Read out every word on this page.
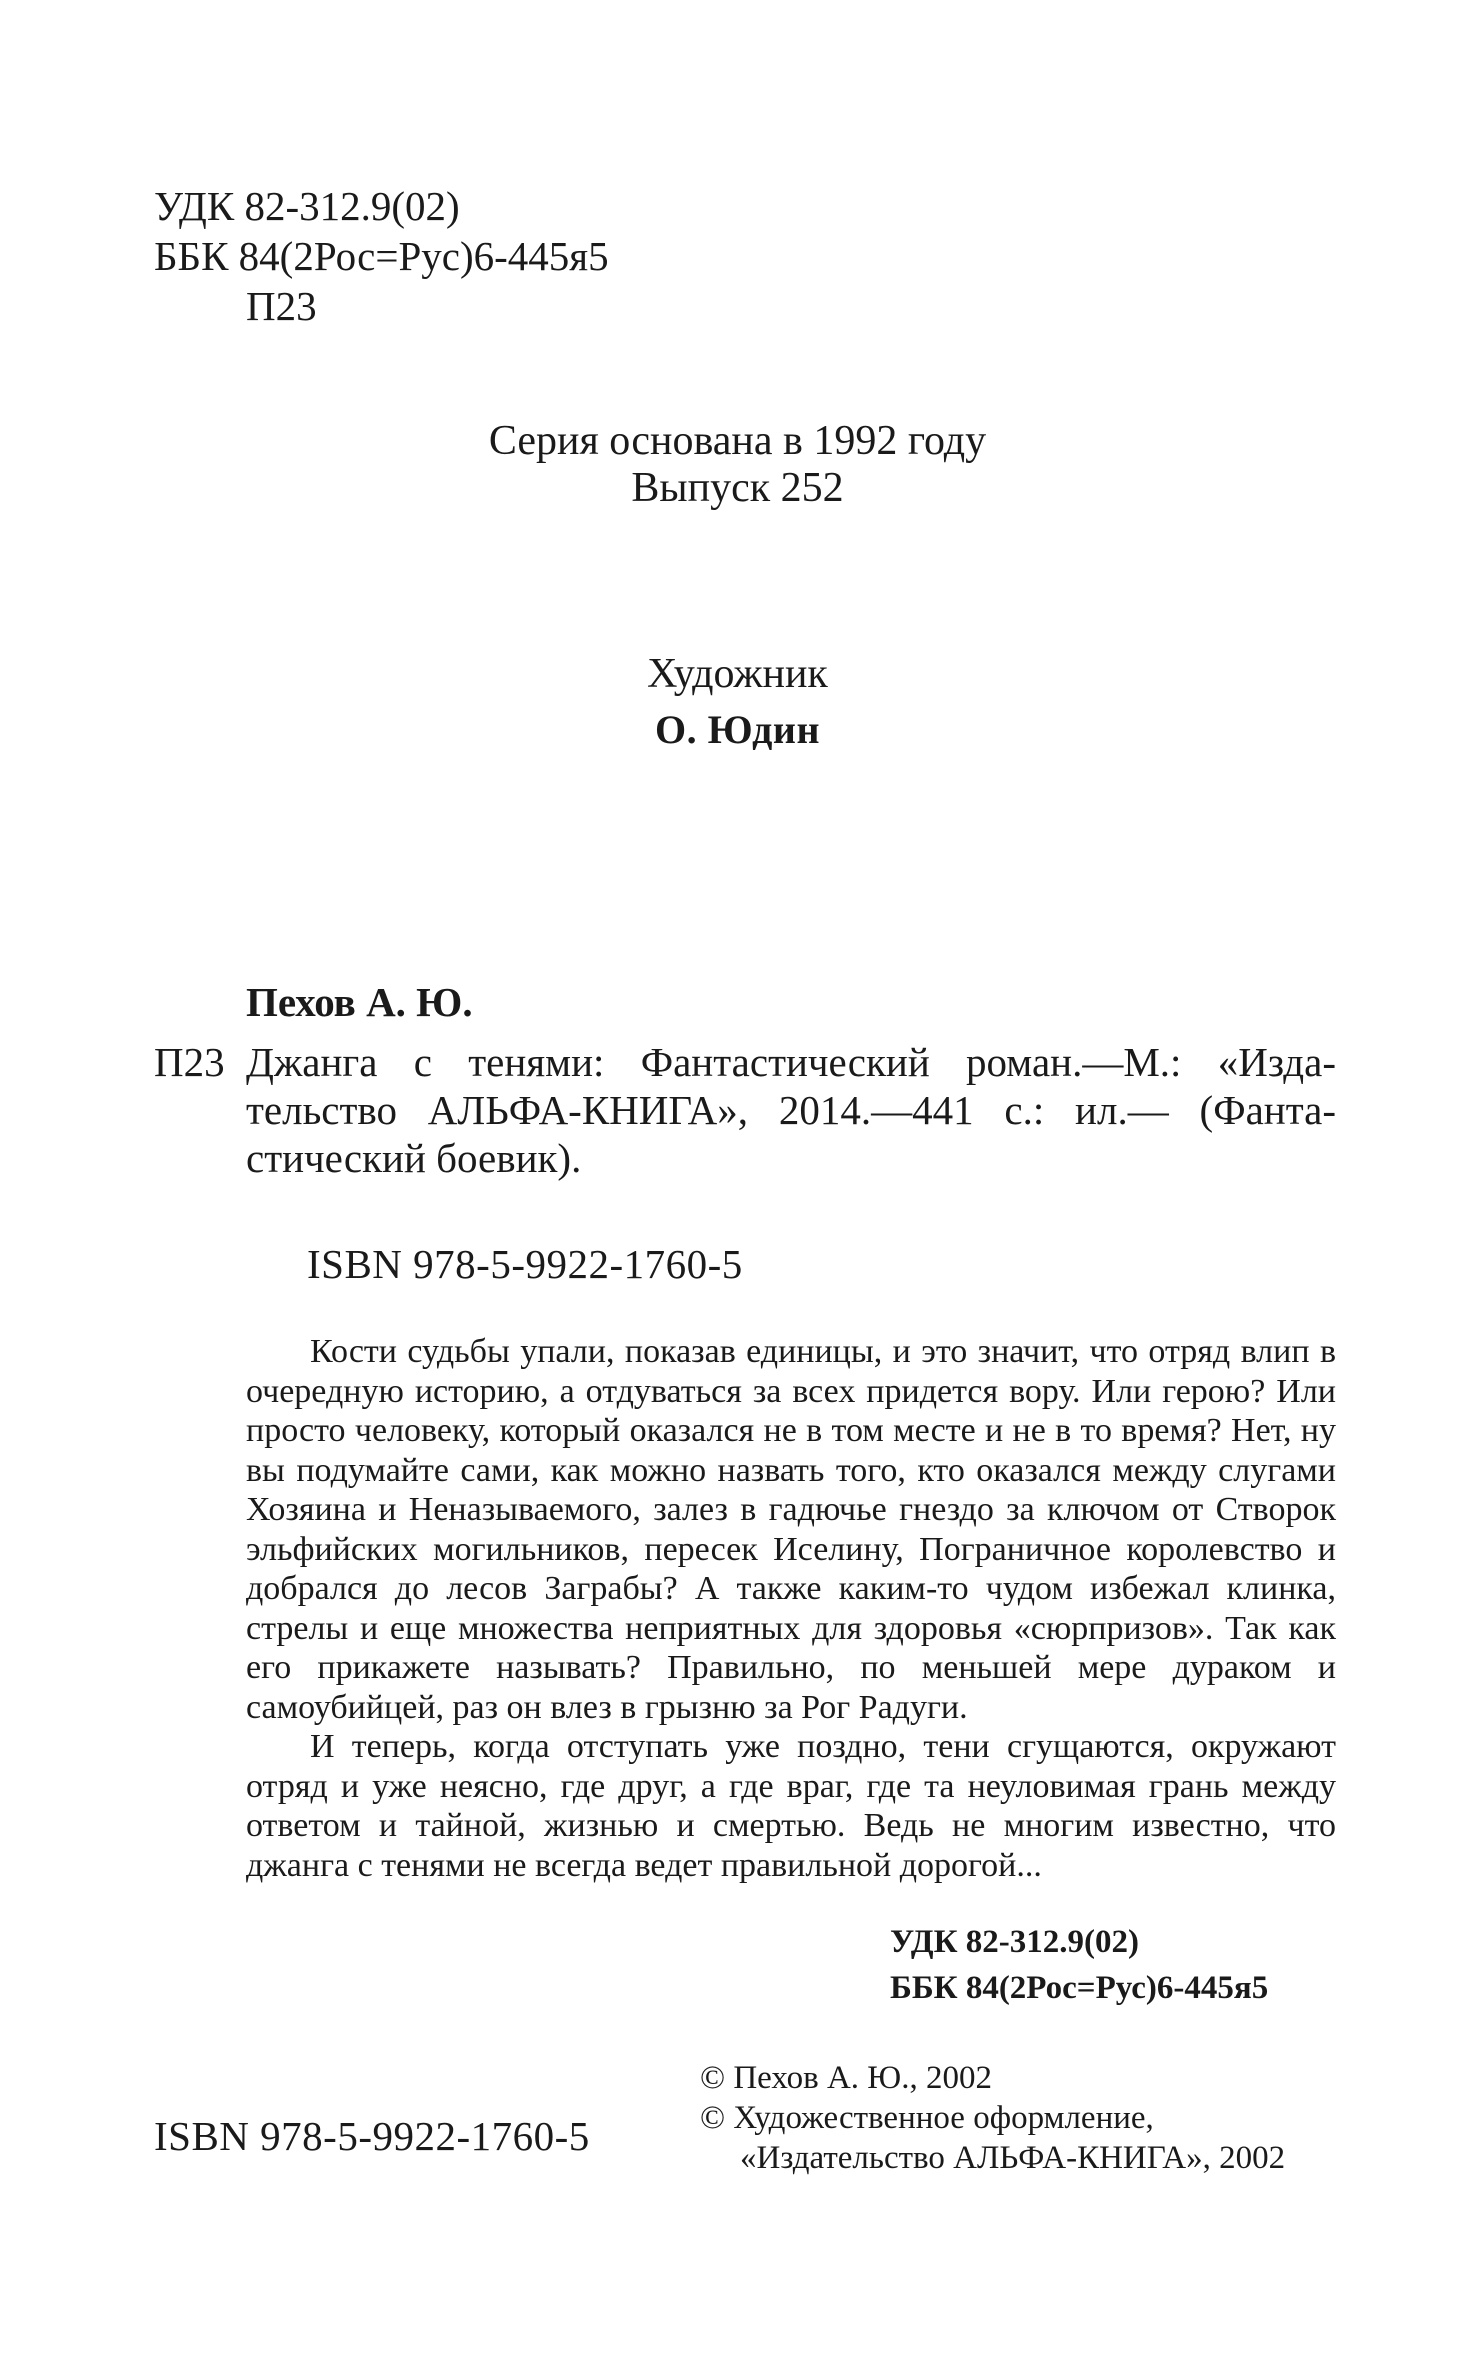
УДК 82-312.9(02)
ББК 84(2Рос=Рус)6-445я5
П23
Серия основана в 1992 году
Выпуск 252
Художник
О. Юдин
Пехов А. Ю.
П23 Джанга с тенями: Фантастический роман.—М.: «Издательство АЛЬФА-КНИГА», 2014.—441 с.: ил.— (Фантастический боевик).
ISBN 978-5-9922-1760-5

Кости судьбы упали, показав единицы, и это значит, что отряд влип в очередную историю, а отдуваться за всех придется вору. Или герою? Или просто человеку, который оказался не в том месте и не в то время? Нет, ну вы подумайте сами, как можно назвать того, кто оказался между слугами Хозяина и Неназываемого, залез в гадючье гнездо за ключом от Створок эльфийских могильников, пересек Иселину, Пограничное королевство и добрался до лесов Заграбы? А также каким-то чудом избежал клинка, стрелы и еще множества неприятных для здоровья «сюрпризов». Так как его прикажете называть? Правильно, по меньшей мере дураком и самоубийцей, раз он влез в грызню за Рог Радуги.

И теперь, когда отступать уже поздно, тени сгущаются, окружают отряд и уже неясно, где друг, а где враг, где та неуловимая грань между ответом и тайной, жизнью и смертью. Ведь не многим известно, что джанга с тенями не всегда ведет правильной дорогой...

УДК 82-312.9(02)
ББК 84(2Рос=Рус)6-445я5
© Пехов А. Ю., 2002
© Художественное оформление,
«Издательство АЛЬФА-КНИГА», 2002
ISBN 978-5-9922-1760-5
